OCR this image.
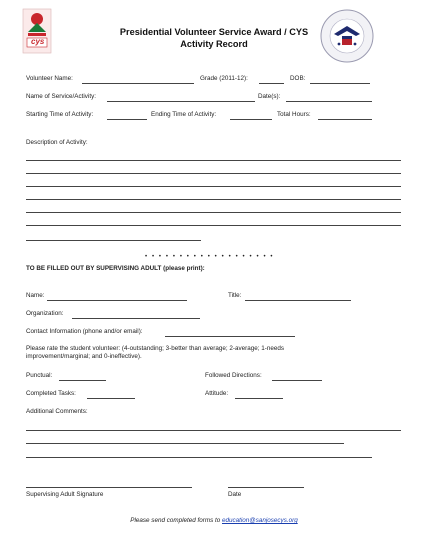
cys
Presidential Volunteer Service Award / CYS
Activity Record
Volunteer Name:	Grade (2011-12):	DOB:
Name of Service/Activity:	Date(s):
Starting Time of Activity:	Ending Time of Activity:	Total Hours:
Description of Activity:
• • • • • • • • • • • • • • • • • • •
TO BE FILLED OUT BY SUPERVISING ADULT (please print):
Name:	Title:
Organization:
Contact Information (phone and/or email):
Please rate the student volunteer: (4-outstanding; 3-better than average; 2-average; 1-needs
improvement/marginal; and 0-ineffective).
Punctual:	Followed Directions:
Completed Tasks:	Attitude:
Additional Comments:
Supervising Adult Signature	Date
Please send completed forms to education@sanjosecys.org
